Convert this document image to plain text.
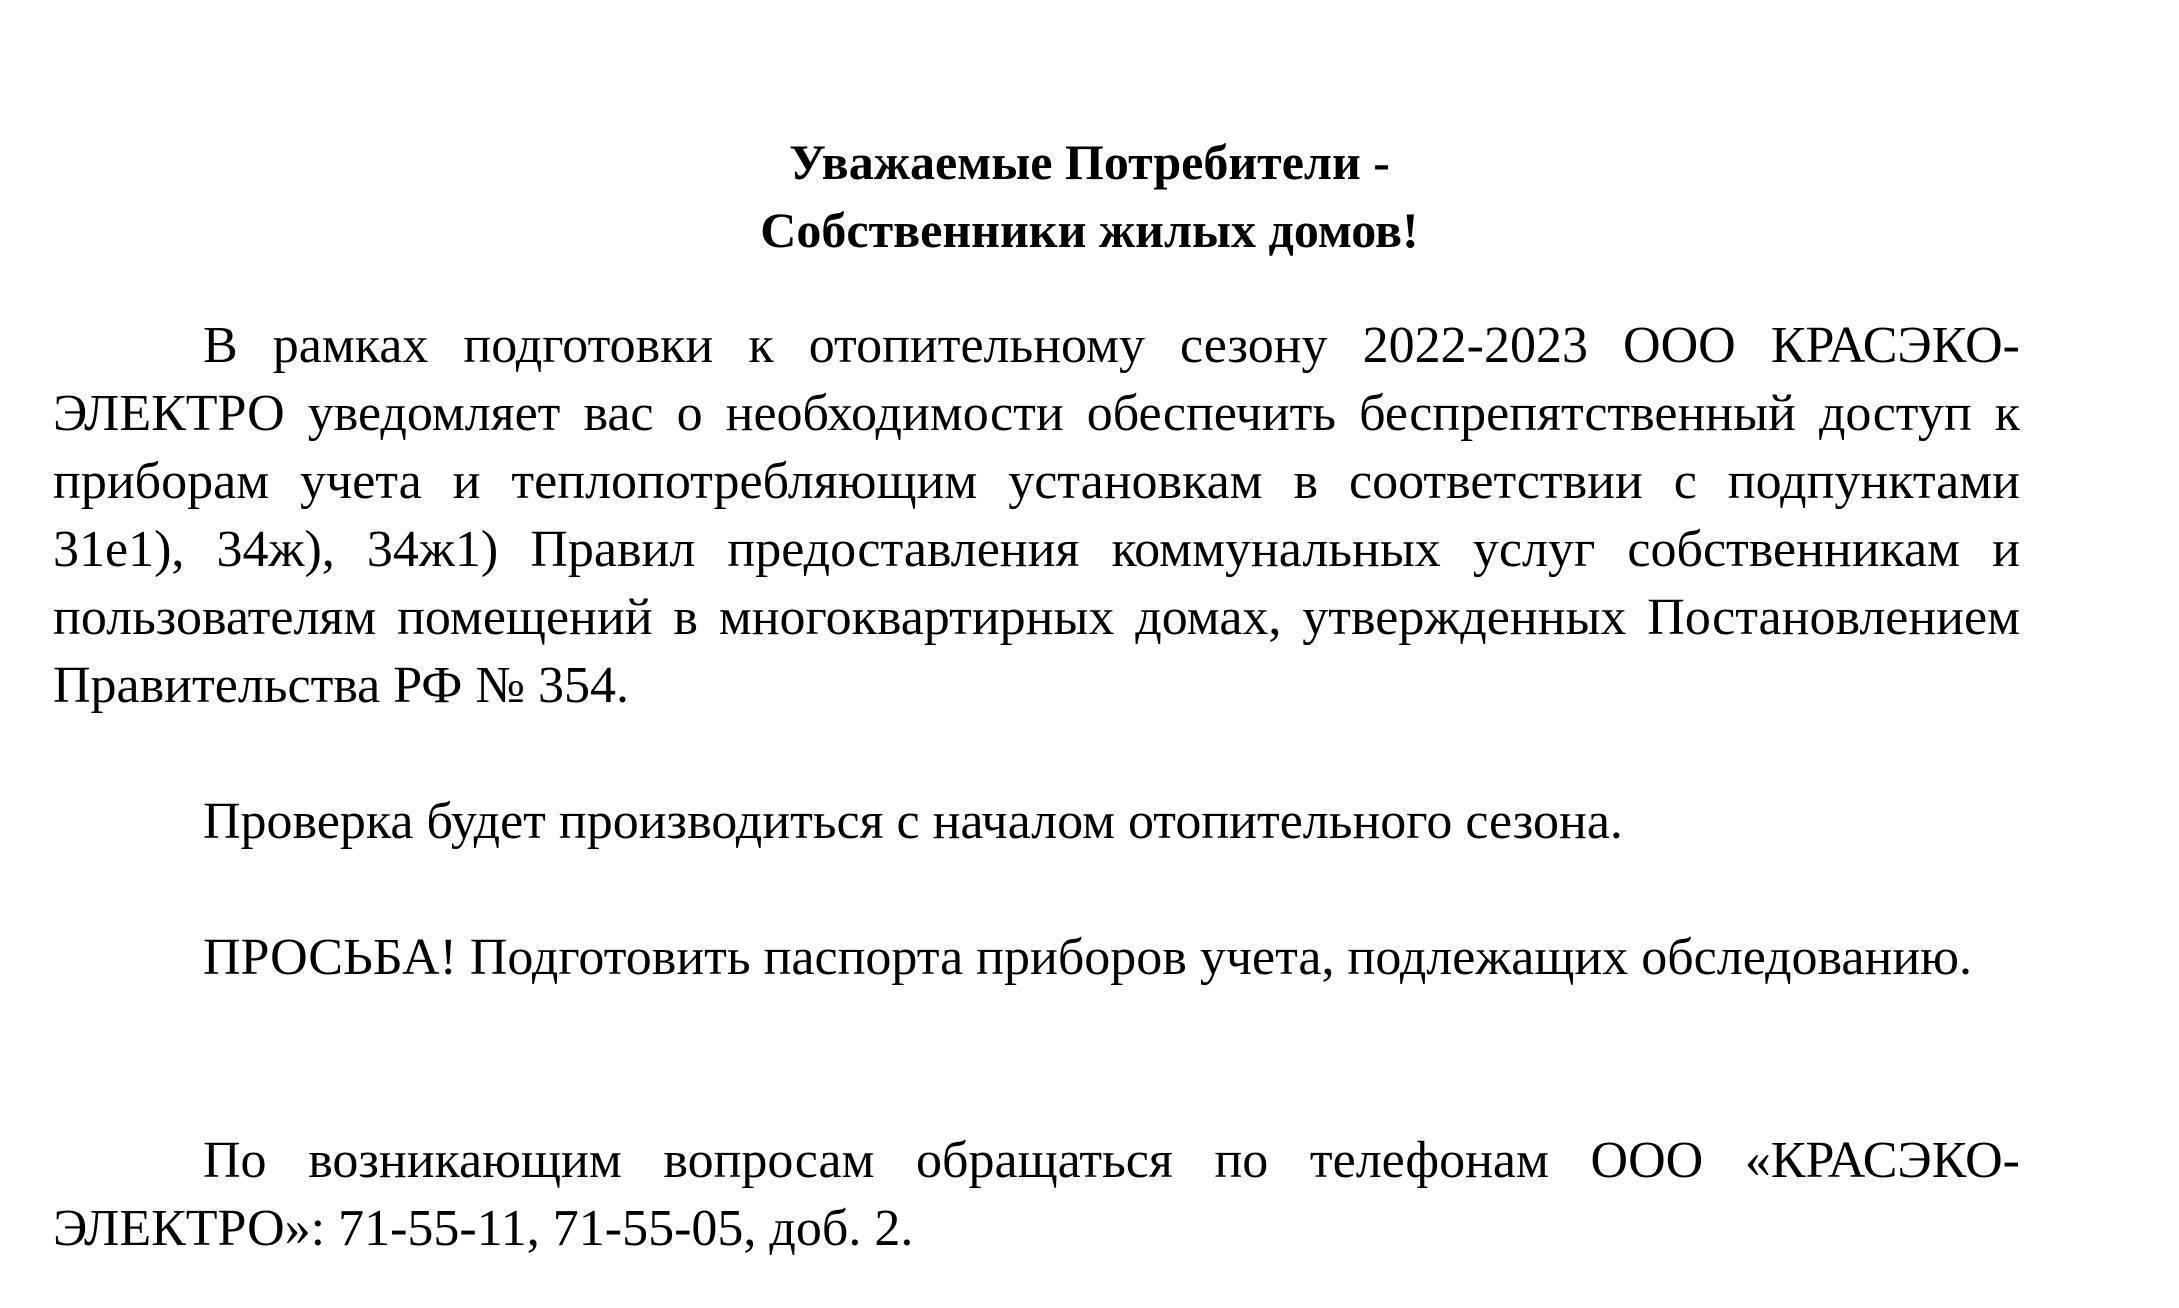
Уважаемые Потребители -
Собственники жилых домов!

В рамках подготовки к отопительному сезону 2022-2023 ООО КРАСЭКО-ЭЛЕКТРО уведомляет вас о необходимости обеспечить беспрепятственный доступ к приборам учета и теплопотребляющим установкам в соответствии с подпунктами 31е1), 34ж), 34ж1) Правил предоставления коммунальных услуг собственникам и пользователям помещений в многоквартирных домах, утвержденных Постановлением Правительства РФ № 354.

Проверка будет производиться с началом отопительного сезона.

ПРОСЬБА! Подготовить паспорта приборов учета, подлежащих обследованию.

По возникающим вопросам обращаться по телефонам ООО «КРАСЭКО-ЭЛЕКТРО»: 71-55-11, 71-55-05, доб. 2.
